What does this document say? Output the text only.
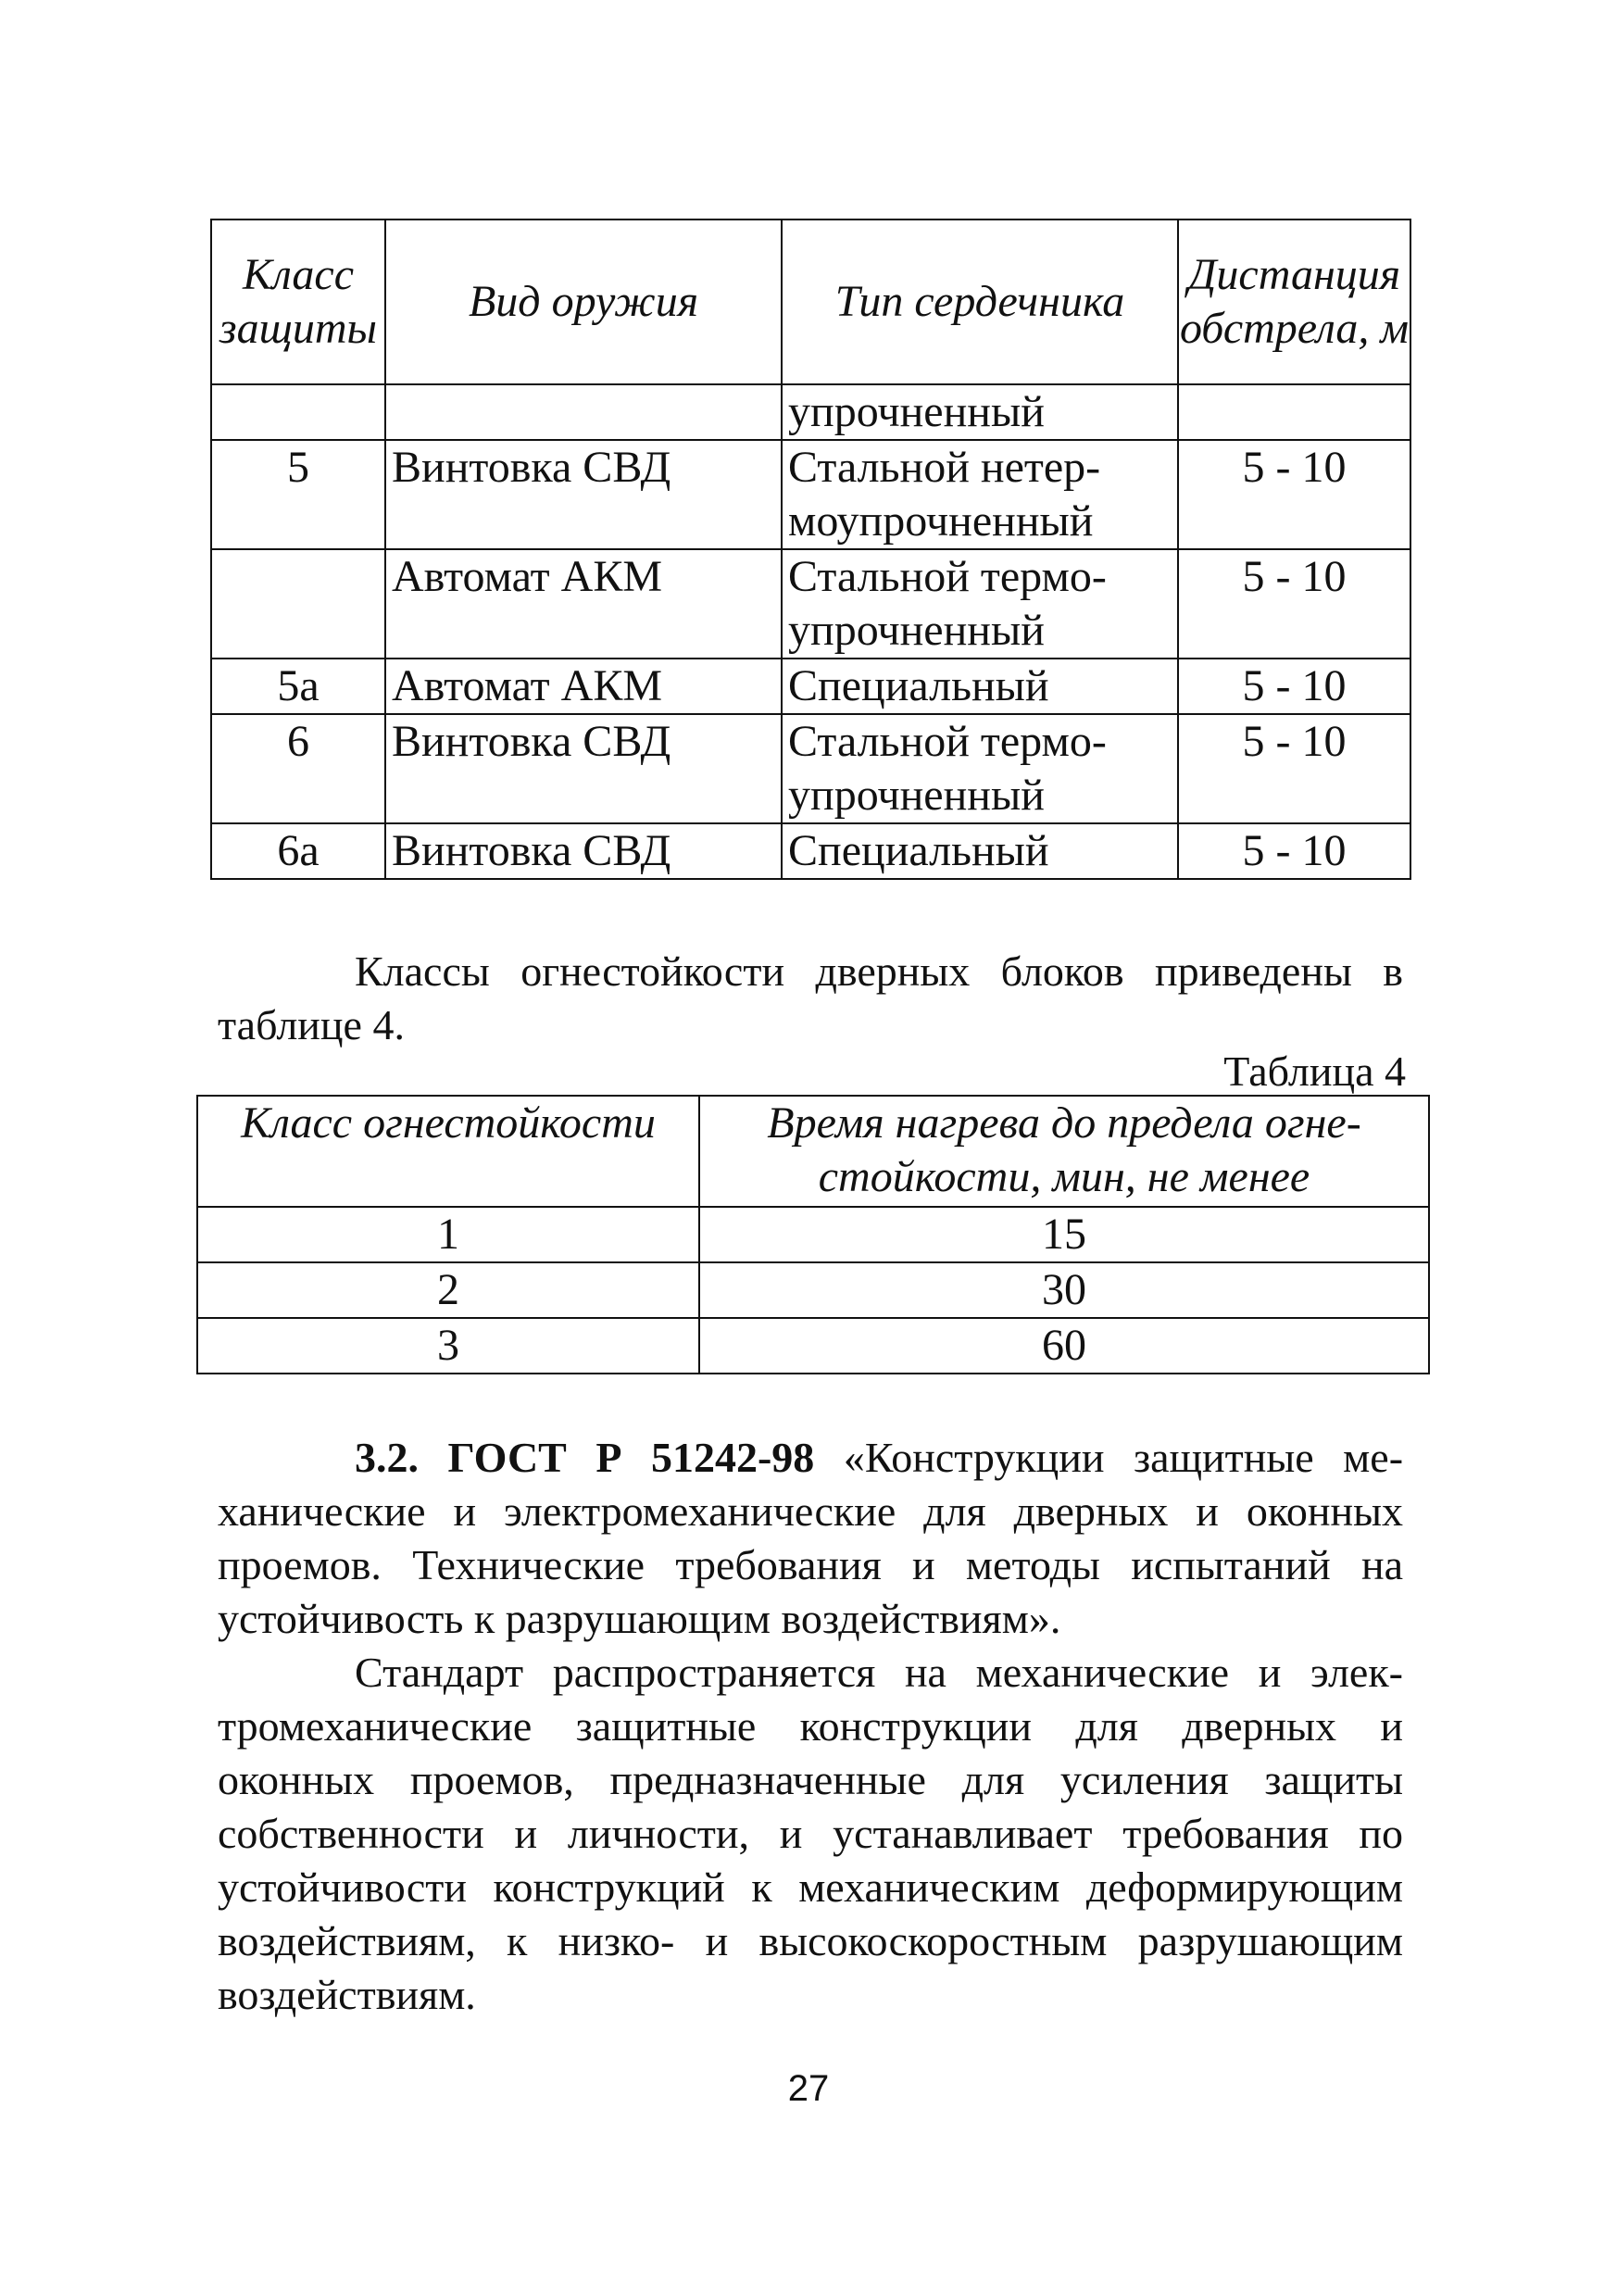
Класс защиты	Вид оружия	Тип сердечника	Дистанция обстрела, м
		упрочненный	
5	Винтовка СВД	Стальной нетер-моупрочненный	5 - 10
	Автомат АКМ	Стальной термо-упрочненный	5 - 10
5а	Автомат АКМ	Специальный	5 - 10
6	Винтовка СВД	Стальной термо-упрочненный	5 - 10
6а	Винтовка СВД	Специальный	5 - 10

Классы огнестойкости дверных блоков приведены в таблице 4.

Таблица 4
Класс огнестойкости	Время нагрева до предела огне-стойкости, мин, не менее
1	15
2	30
3	60

3.2. ГОСТ Р 51242-98 «Конструкции защитные ме-ханические и электромеханические для дверных и оконных проемов. Технические требования и методы испытаний на устойчивость к разрушающим воздействиям».

Стандарт распространяется на механические и элек-тромеханические защитные конструкции для дверных и оконных проемов, предназначенные для усиления защиты собственности и личности, и устанавливает требования по устойчивости конструкций к механическим деформирующим воздействиям, к низко- и высокоскоростным разрушающим воздействиям.

27
